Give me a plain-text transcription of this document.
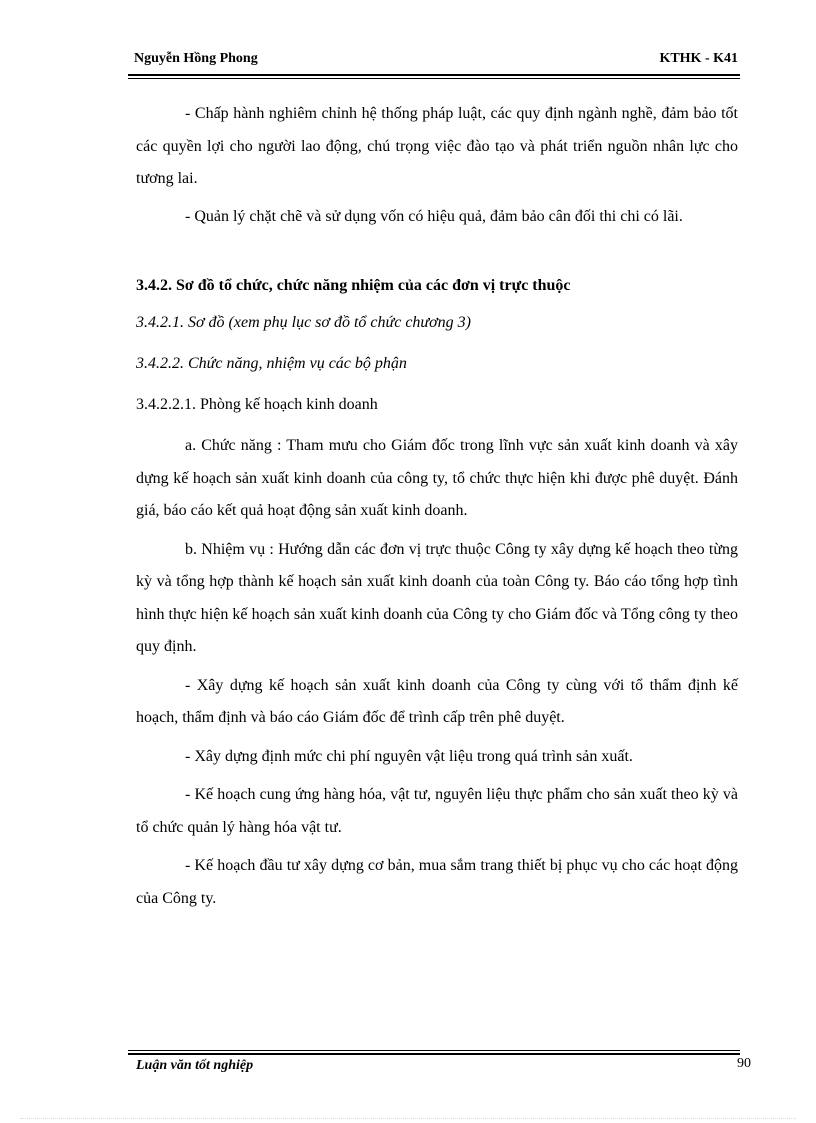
Nguyễn Hồng Phong	KTHK - K41

- Chấp hành nghiêm chỉnh hệ thống pháp luật, các quy định ngành nghề, đảm bảo tốt các quyền lợi cho người lao động, chú trọng việc đào tạo và phát triển nguồn nhân lực cho tương lai.

- Quản lý chặt chẽ và sử dụng vốn có hiệu quả, đảm bảo cân đối thi chi có lãi.

3.4.2. Sơ đồ tổ chức, chức năng nhiệm của các đơn vị trực thuộc

3.4.2.1. Sơ đồ (xem phụ lục sơ đồ tổ chức chương 3)

3.4.2.2. Chức năng, nhiệm vụ các bộ phận

3.4.2.2.1. Phòng kế hoạch kinh doanh

a. Chức năng : Tham mưu cho Giám đốc trong lĩnh vực sản xuất kinh doanh và xây dựng kế hoạch sản xuất kinh doanh của công ty, tổ chức thực hiện khi được phê duyệt. Đánh giá, báo cáo kết quả hoạt động sản xuất kinh doanh.

b. Nhiệm vụ : Hướng dẫn các đơn vị trực thuộc Công ty xây dựng kế hoạch theo từng kỳ và tổng hợp thành kế hoạch sản xuất kinh doanh của toàn Công ty. Báo cáo tổng hợp tình hình thực hiện kế hoạch sản xuất kinh doanh của Công ty cho Giám đốc và Tổng công ty theo quy định.

- Xây dựng kế hoạch sản xuất kinh doanh của Công ty cùng với tổ thẩm định kế hoạch, thẩm định và báo cáo Giám đốc để trình cấp trên phê duyệt.

- Xây dựng định mức chi phí nguyên vật liệu trong quá trình sản xuất.

- Kế hoạch cung ứng hàng hóa, vật tư, nguyên liệu thực phẩm cho sản xuất theo kỳ và tổ chức quản lý hàng hóa vật tư.

- Kế hoạch đầu tư xây dựng cơ bản, mua sắm trang thiết bị phục vụ cho các hoạt động của Công ty.

Luận văn tốt nghiệp	90
